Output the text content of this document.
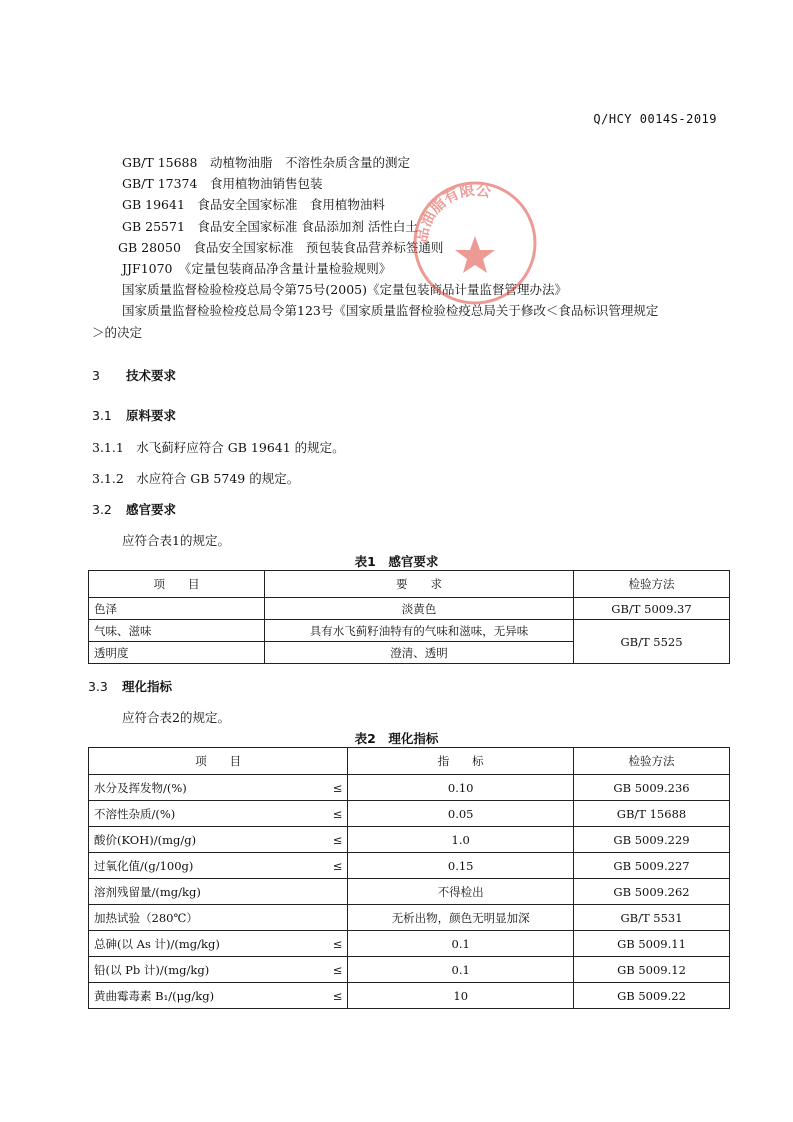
Q/HCY 0014S-2019
GB/T 15688　动植物油脂　不溶性杂质含量的测定
GB/T 17374　食用植物油销售包装
GB 19641　食品安全国家标准　食用植物油料
GB 25571　食品安全国家标准 食品添加剂 活性白土
GB 28050　食品安全国家标准　预包装食品营养标签通则
JJF1070　《定量包装商品净含量计量检验规则》
国家质量监督检验检疫总局令第75号(2005)《定量包装商品计量监督管理办法》
国家质量监督检验检疫总局令第123号《国家质量监督检验检疫总局关于修改＜食品标识管理规定
＞的决定
品油脂有限公
3 技术要求
3.1 原料要求
3.1.1　水飞蓟籽应符合 GB 19641 的规定。
3.1.2　水应符合 GB 5749 的规定。
3.2 感官要求
应符合表1的规定。
表1　感官要求
项　　目	要　　求	检验方法
色泽	淡黄色	GB/T 5009.37
气味、滋味	具有水飞蓟籽油特有的气味和滋味，无异味	GB/T 5525
透明度	澄清、透明	
3.3 理化指标
应符合表2的规定。
表2　理化指标
项　　目		指　　标	检验方法
水分及挥发物/(%)	≤	0.10	GB 5009.236
不溶性杂质/(%)	≤	0.05	GB/T 15688
酸价(KOH)/(mg/g)	≤	1.0	GB 5009.229
过氧化值/(g/100g)	≤	0.15	GB 5009.227
溶剂残留量/(mg/kg)		不得检出	GB 5009.262
加热试验（280℃）		无析出物，颜色无明显加深	GB/T 5531
总砷(以 As 计)/(mg/kg)	≤	0.1	GB 5009.11
铅(以 Pb 计)/(mg/kg)	≤	0.1	GB 5009.12
黄曲霉毒素 B₁/(μg/kg)	≤	10	GB 5009.22
